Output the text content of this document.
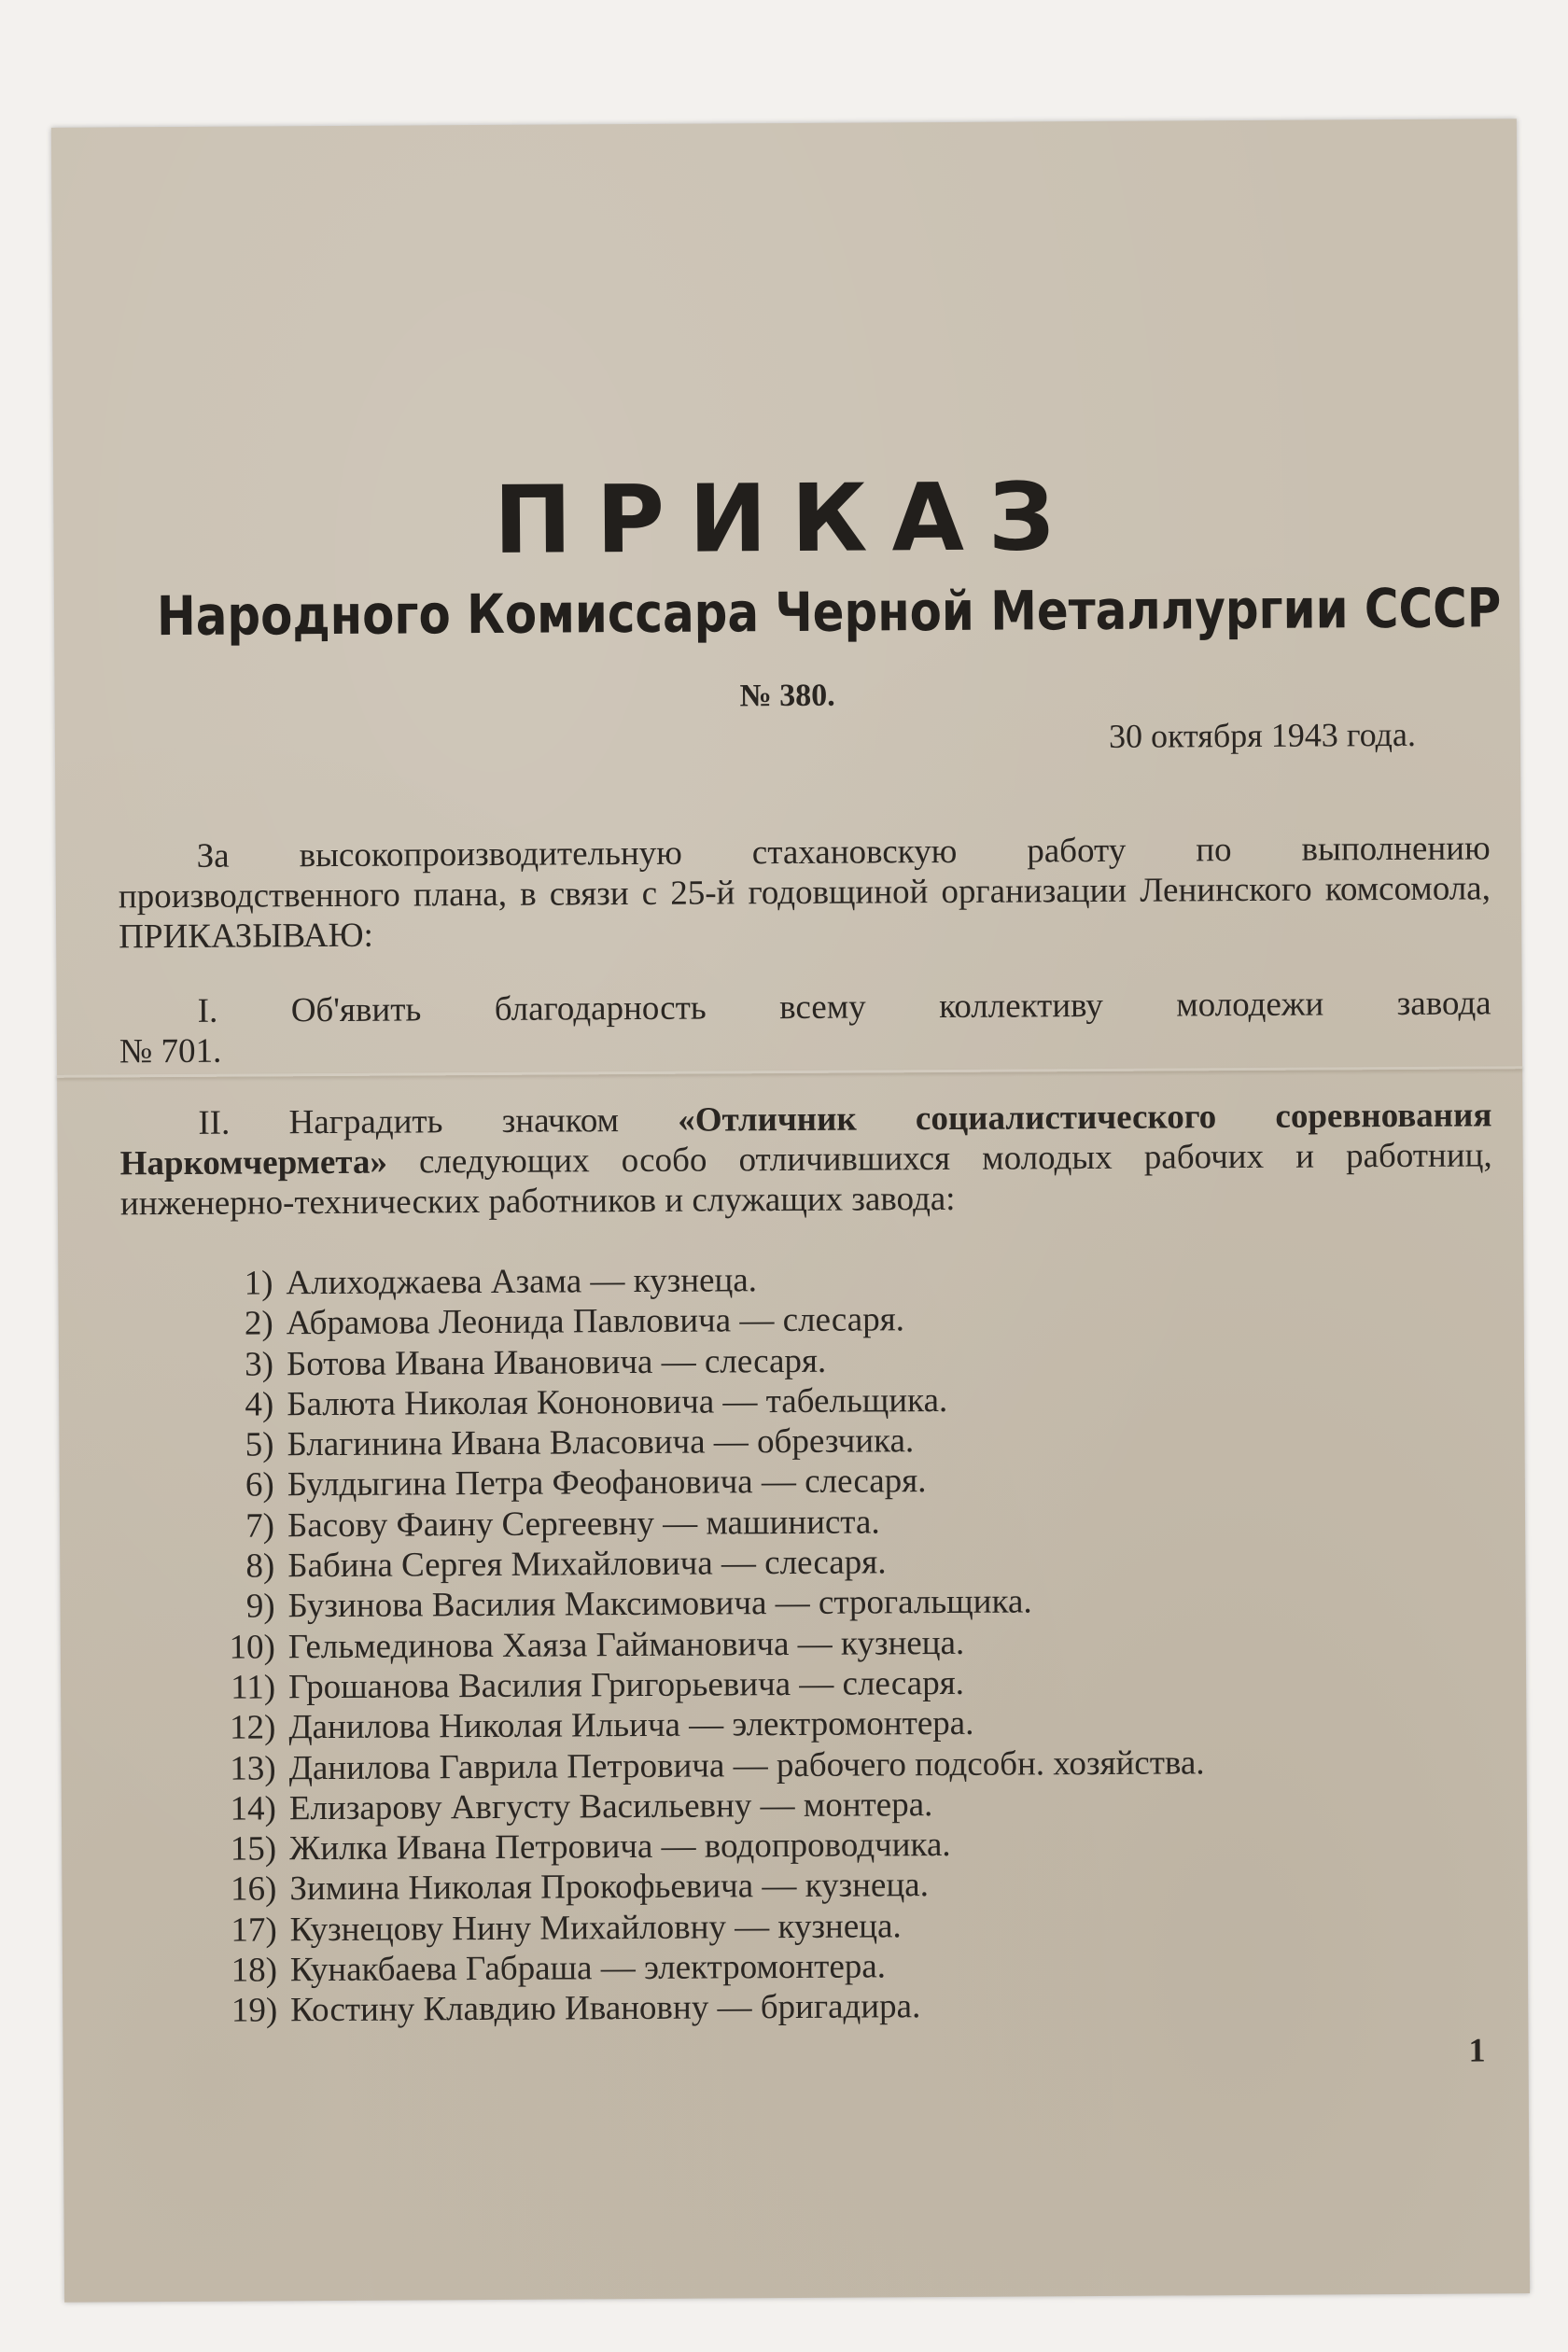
ПРИКАЗ
Народного Комиссара Черной Металлургии СССР
№ 380.
30 октября 1943 года.
За высокопроизводительную стахановскую работу по выполнению
производственного плана, в связи с 25-й годовщиной организации Ленинского комсомола, ПРИКАЗЫВАЮ:
I. Об'явить благодарность всему коллективу молодежи завода
№ 701.
II. Наградить значком «Отличник социалистического соревнования Наркомчермета» следующих особо отличившихся молодых рабочих и работниц, инженерно-технических работников и служащих завода:
1) Алиходжаева Азама — кузнеца.
2) Абрамова Леонида Павловича — слесаря.
3) Ботова Ивана Ивановича — слесаря.
4) Балюта Николая Кононовича — табельщика.
5) Благинина Ивана Власовича — обрезчика.
6) Булдыгина Петра Феофановича — слесаря.
7) Басову Фаину Сергеевну — машиниста.
8) Бабина Сергея Михайловича — слесаря.
9) Бузинова Василия Максимовича — строгальщика.
10) Гельмединова Хаяза Гаймановича — кузнеца.
11) Грошанова Василия Григорьевича — слесаря.
12) Данилова Николая Ильича — электромонтера.
13) Данилова Гаврила Петровича — рабочего подсобн. хозяйства.
14) Елизарову Августу Васильевну — монтера.
15) Жилка Ивана Петровича — водопроводчика.
16) Зимина Николая Прокофьевича — кузнеца.
17) Кузнецову Нину Михайловну — кузнеца.
18) Кунакбаева Габраша — электромонтера.
19) Костину Клавдию Ивановну — бригадира.
1
